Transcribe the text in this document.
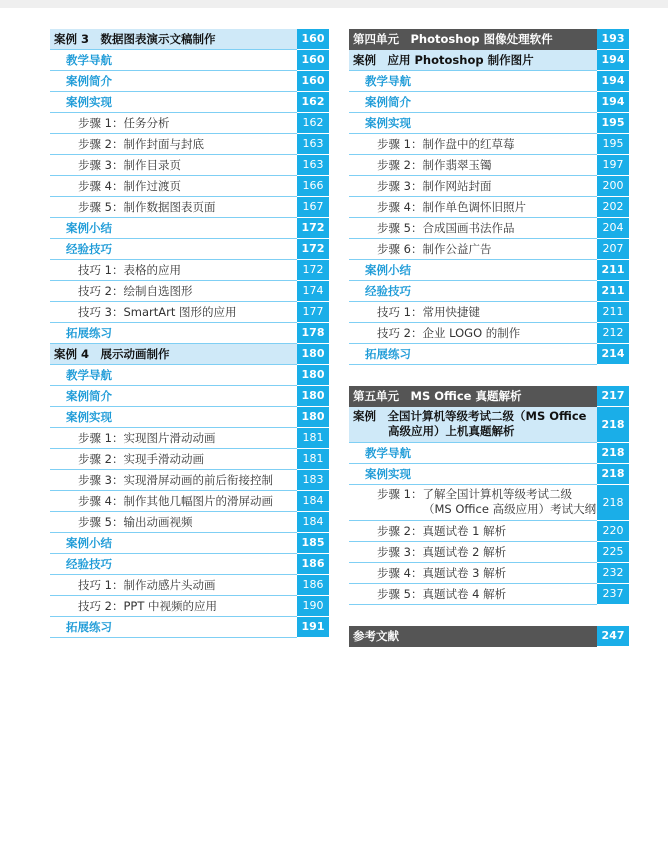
案例 3　数据图表演示文稿制作	160
教学导航	160
案例简介	160
案例实现	162
步骤 1：任务分析	162
步骤 2：制作封面与封底	163
步骤 3：制作目录页	163
步骤 4：制作过渡页	166
步骤 5：制作数据图表页面	167
案例小结	172
经验技巧	172
技巧 1：表格的应用	172
技巧 2：绘制自选图形	174
技巧 3：SmartArt 图形的应用	177
拓展练习	178
案例 4　展示动画制作	180
教学导航	180
案例简介	180
案例实现	180
步骤 1：实现图片滑动动画	181
步骤 2：实现手滑动动画	181
步骤 3：实现滑屏动画的前后衔接控制	183
步骤 4：制作其他几幅图片的滑屏动画	184
步骤 5：输出动画视频	184
案例小结	185
经验技巧	186
技巧 1：制作动感片头动画	186
技巧 2：PPT 中视频的应用	190
拓展练习	191
第四单元　Photoshop 图像处理软件	193
案例　应用 Photoshop 制作图片	194
教学导航	194
案例简介	194
案例实现	195
步骤 1：制作盘中的红草莓	195
步骤 2：制作翡翠玉镯	197
步骤 3：制作网站封面	200
步骤 4：制作单色调怀旧照片	202
步骤 5：合成国画书法作品	204
步骤 6：制作公益广告	207
案例小结	211
经验技巧	211
技巧 1：常用快捷键	211
技巧 2：企业 LOGO 的制作	212
拓展练习	214
第五单元　MS Office 真题解析	217
案例　全国计算机等级考试二级（MS Office
高级应用）上机真题解析	218
教学导航	218
案例实现	218
步骤 1：了解全国计算机等级考试二级
（MS Office 高级应用）考试大纲 218
步骤 2：真题试卷 1 解析	220
步骤 3：真题试卷 2 解析	225
步骤 4：真题试卷 3 解析	232
步骤 5：真题试卷 4 解析	237
参考文献	247
